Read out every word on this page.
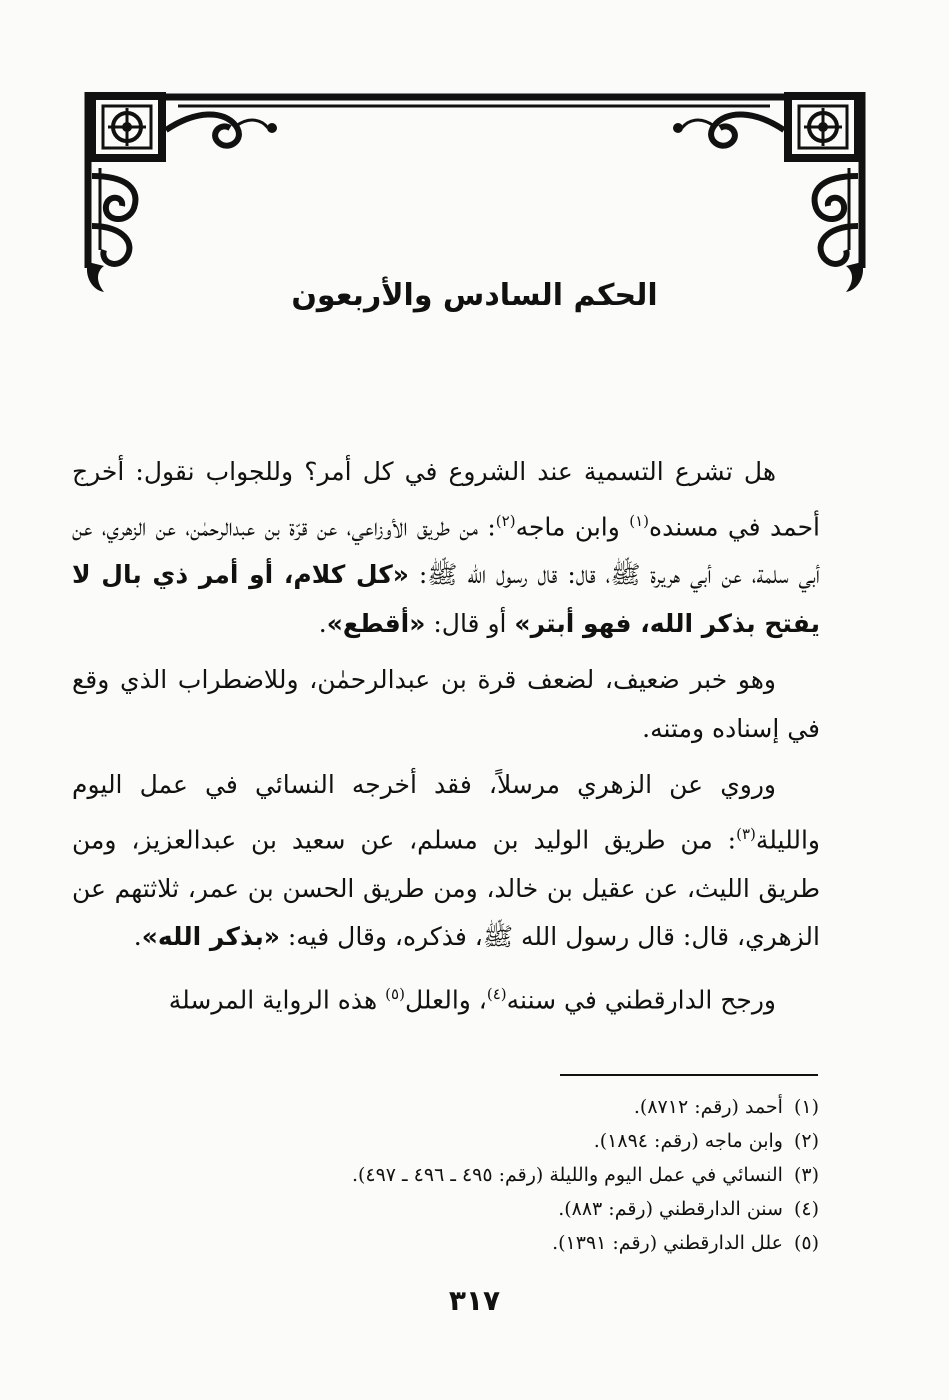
الحكم السادس والأربعون

هل تشرع التسمية عند الشروع في كل أمر؟ وللجواب نقول: أخرج أحمد في مسنده$^{(١)}$ وابن ماجه$^{(٢)}$: من طريق الأوزاعي، عن قرّة بن عبدالرحمٰن، عن الزهري، عن أبي سلمة، عن أبي هريرة ﷺ، قال: قال رسول الله ﷺ: «كل كلام، أو أمر ذي بال لا يفتح بذكر الله، فهو أبتر» أو قال: «أقطع».

وهو خبر ضعيف، لضعف قرة بن عبدالرحمٰن، وللاضطراب الذي وقع في إسناده ومتنه.

وروي عن الزهري مرسلاً، فقد أخرجه النسائي في عمل اليوم والليلة$^{(٣)}$: من طريق الوليد بن مسلم، عن سعيد بن عبدالعزيز، ومن طريق الليث، عن عقيل بن خالد، ومن طريق الحسن بن عمر، ثلاثتهم عن الزهري، قال: قال رسول الله ﷺ، فذكره، وقال فيه: «بذكر الله».

ورجح الدارقطني في سننه$^{(٤)}$، والعلل$^{(٥)}$ هذه الرواية المرسلة

(١) أحمد (رقم: ٨٧١٢).
(٢) وابن ماجه (رقم: ١٨٩٤).
(٣) النسائي في عمل اليوم والليلة (رقم: ٤٩٥ ـ ٤٩٦ ـ ٤٩٧).
(٤) سنن الدارقطني (رقم: ٨٨٣).
(٥) علل الدارقطني (رقم: ١٣٩١).
٣١٧
